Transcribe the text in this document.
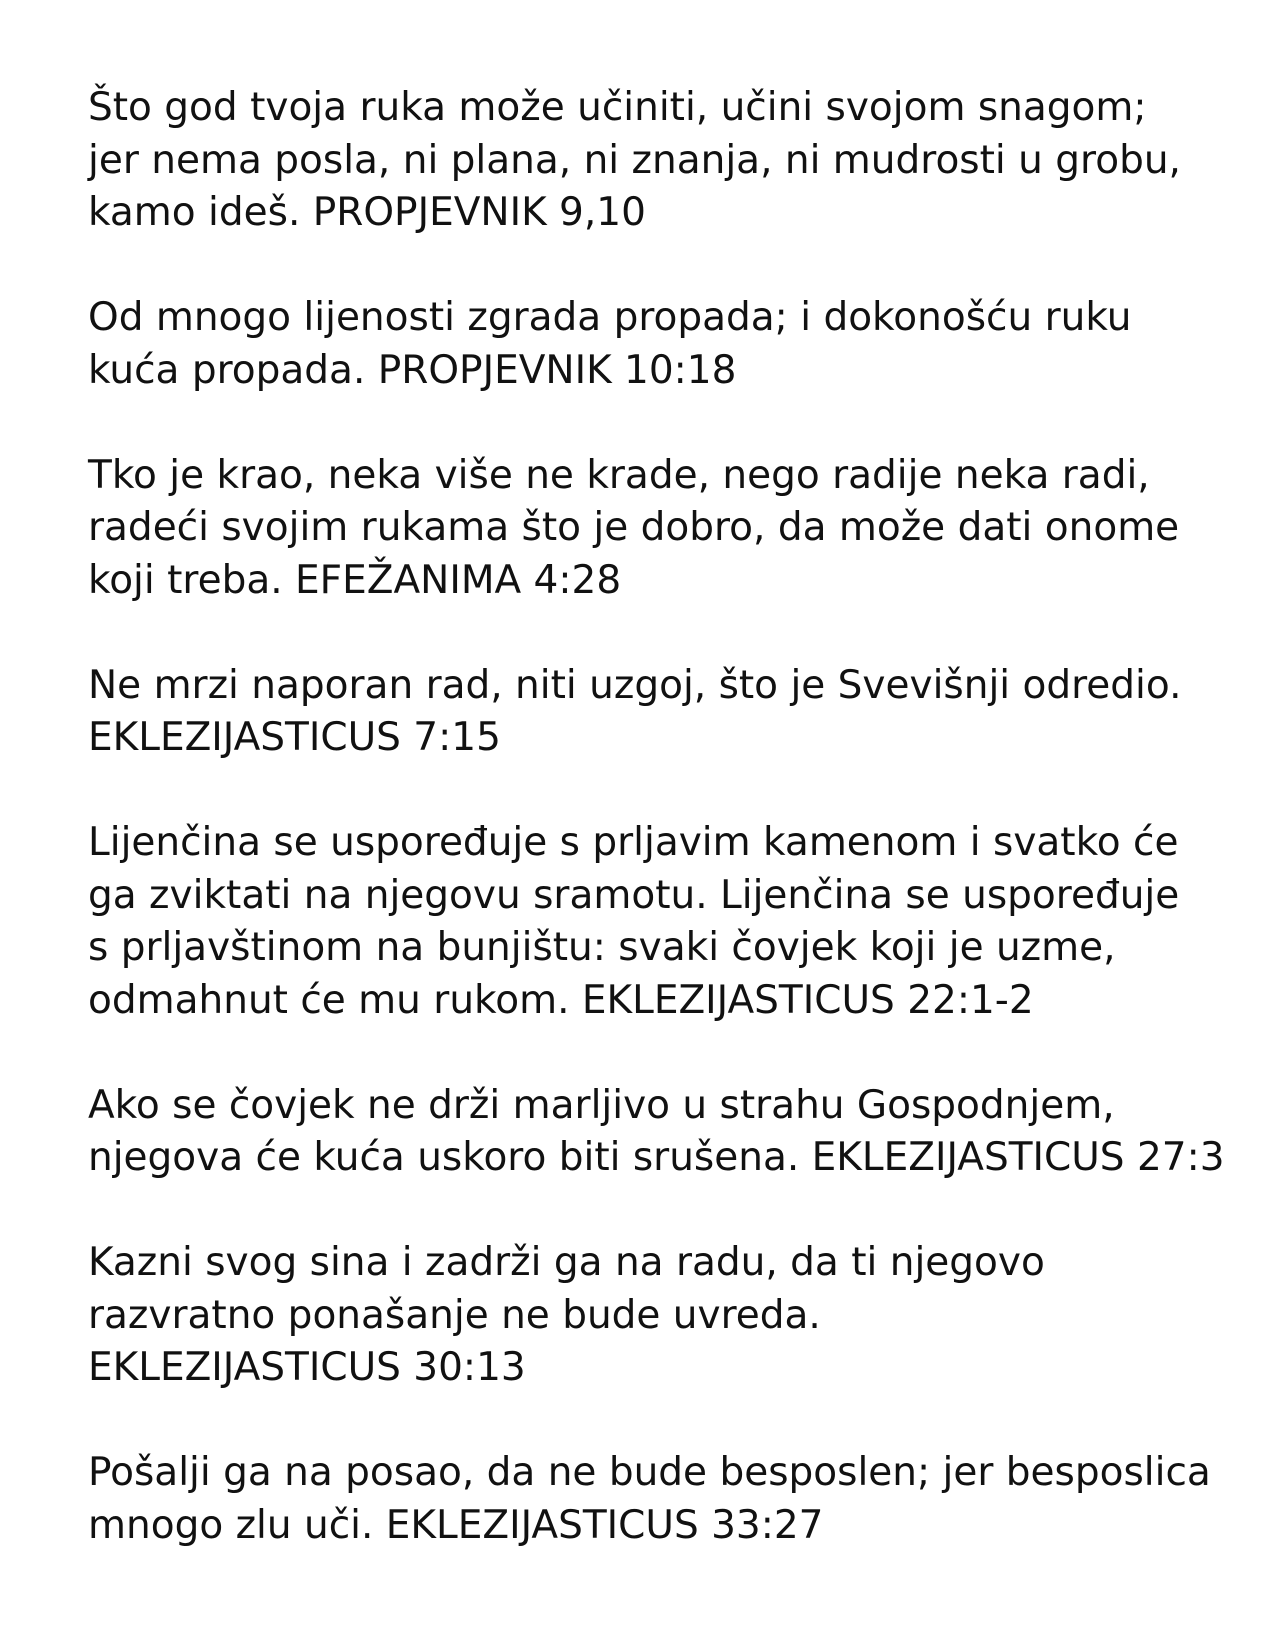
Što god tvoja ruka može učiniti, učini svojom snagom;
jer nema posla, ni plana, ni znanja, ni mudrosti u grobu,
kamo ideš. PROPJEVNIK 9,10

Od mnogo lijenosti zgrada propada; i dokonošću ruku
kuća propada. PROPJEVNIK 10:18

Tko je krao, neka više ne krade, nego radije neka radi,
radeći svojim rukama što je dobro, da može dati onome
koji treba. EFEŽANIMA 4:28

Ne mrzi naporan rad, niti uzgoj, što je Svevišnji odredio.
EKLEZIJASTICUS 7:15

Lijenčina se uspoređuje s prljavim kamenom i svatko će
ga zviktati na njegovu sramotu. Lijenčina se uspoređuje
s prljavštinom na bunjištu: svaki čovjek koji je uzme,
odmahnut će mu rukom. EKLEZIJASTICUS 22:1-2

Ako se čovjek ne drži marljivo u strahu Gospodnjem,
njegova će kuća uskoro biti srušena. EKLEZIJASTICUS 27:3

Kazni svog sina i zadrži ga na radu, da ti njegovo
razvratno ponašanje ne bude uvreda.
EKLEZIJASTICUS 30:13

Pošalji ga na posao, da ne bude besposlen; jer besposlica
mnogo zlu uči. EKLEZIJASTICUS 33:27
